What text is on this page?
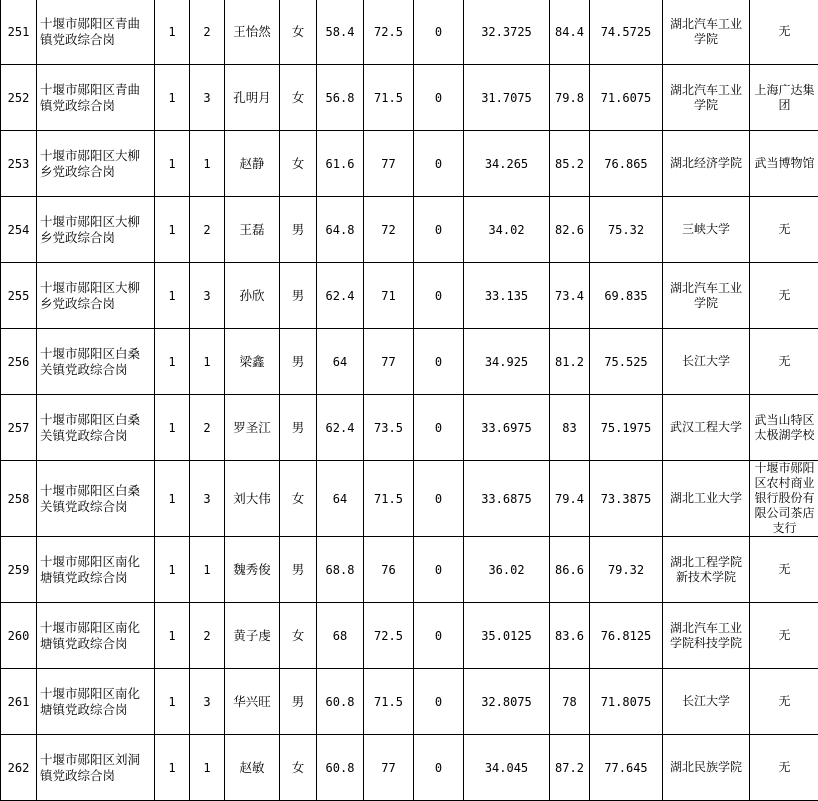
251	十堰市郧阳区青曲镇党政综合岗	1	2	王怡然	女	58.4	72.5	0	32.3725	84.4	74.5725	湖北汽车工业学院	无
252	十堰市郧阳区青曲镇党政综合岗	1	3	孔明月	女	56.8	71.5	0	31.7075	79.8	71.6075	湖北汽车工业学院	上海广达集团
253	十堰市郧阳区大柳乡党政综合岗	1	1	赵静	女	61.6	77	0	34.265	85.2	76.865	湖北经济学院	武当博物馆
254	十堰市郧阳区大柳乡党政综合岗	1	2	王磊	男	64.8	72	0	34.02	82.6	75.32	三峡大学	无
255	十堰市郧阳区大柳乡党政综合岗	1	3	孙欣	男	62.4	71	0	33.135	73.4	69.835	湖北汽车工业学院	无
256	十堰市郧阳区白桑关镇党政综合岗	1	1	梁鑫	男	64	77	0	34.925	81.2	75.525	长江大学	无
257	十堰市郧阳区白桑关镇党政综合岗	1	2	罗圣江	男	62.4	73.5	0	33.6975	83	75.1975	武汉工程大学	武当山特区太极湖学校
258	十堰市郧阳区白桑关镇党政综合岗	1	3	刘大伟	女	64	71.5	0	33.6875	79.4	73.3875	湖北工业大学	十堰市郧阳区农村商业银行股份有限公司茶店支行
259	十堰市郧阳区南化塘镇党政综合岗	1	1	魏秀俊	男	68.8	76	0	36.02	86.6	79.32	湖北工程学院新技术学院	无
260	十堰市郧阳区南化塘镇党政综合岗	1	2	黄子虔	女	68	72.5	0	35.0125	83.6	76.8125	湖北汽车工业学院科技学院	无
261	十堰市郧阳区南化塘镇党政综合岗	1	3	华兴旺	男	60.8	71.5	0	32.8075	78	71.8075	长江大学	无
262	十堰市郧阳区刘洞镇党政综合岗	1	1	赵敏	女	60.8	77	0	34.045	87.2	77.645	湖北民族学院	无
